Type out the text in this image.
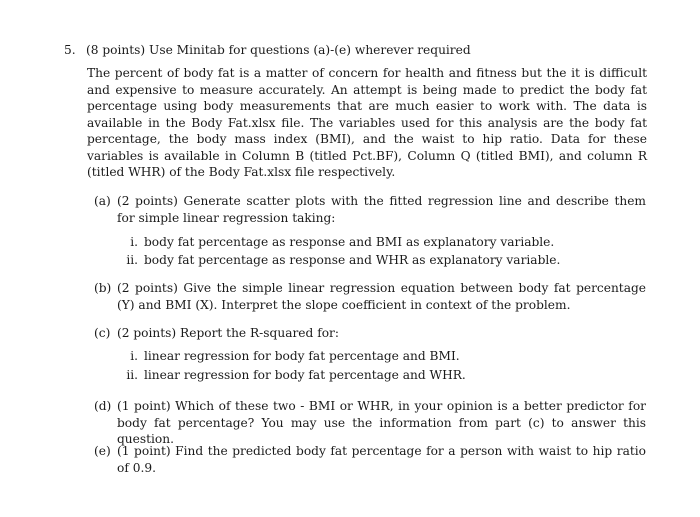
5. (8 points) Use Minitab for questions (a)-(e) wherever required
The percent of body fat is a matter of concern for health and fitness but the it is difficult and expensive to measure accurately. An attempt is being made to predict the body fat percentage using body measurements that are much easier to work with. The data is available in the Body Fat.xlsx file. The variables used for this analysis are the body fat percentage, the body mass index (BMI), and the waist to hip ratio. Data for these variables is available in Column B (titled Pct.BF), Column Q (titled BMI), and column R (titled WHR) of the Body Fat.xlsx file respectively.
(a) (2 points) Generate scatter plots with the fitted regression line and describe them for simple linear regression taking:
i. body fat percentage as response and BMI as explanatory variable.
ii. body fat percentage as response and WHR as explanatory variable.
(b) (2 points) Give the simple linear regression equation between body fat percentage (Y) and BMI (X). Interpret the slope coefficient in context of the problem.
(c) (2 points) Report the R-squared for:
i. linear regression for body fat percentage and BMI.
ii. linear regression for body fat percentage and WHR.
(d) (1 point) Which of these two - BMI or WHR, in your opinion is a better predictor for body fat percentage? You may use the information from part (c) to answer this question.
(e) (1 point) Find the predicted body fat percentage for a person with waist to hip ratio of 0.9.
